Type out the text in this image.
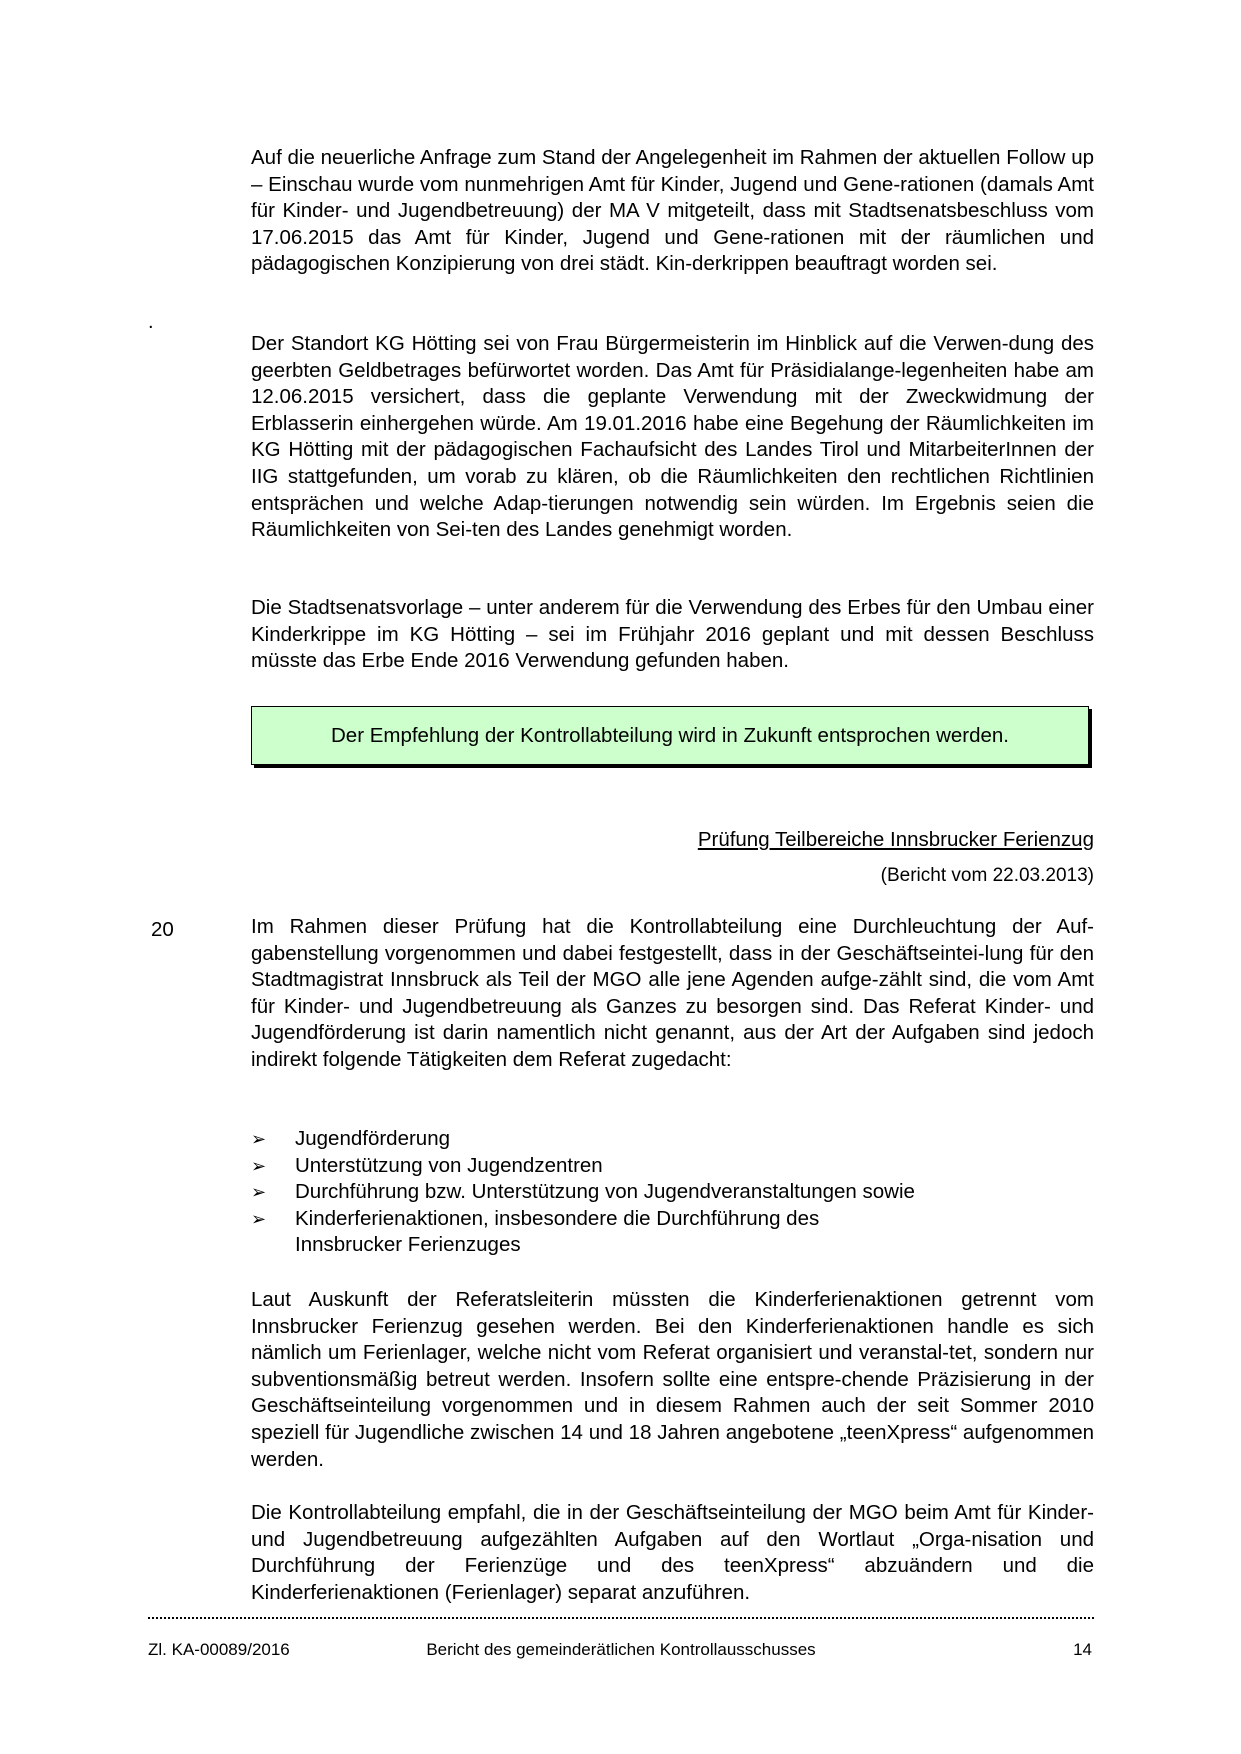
Auf die neuerliche Anfrage zum Stand der Angelegenheit im Rahmen der aktuellen Follow up – Einschau wurde vom nunmehrigen Amt für Kinder, Jugend und Gene-rationen (damals Amt für Kinder- und Jugendbetreuung) der MA V mitgeteilt, dass mit Stadtsenatsbeschluss vom 17.06.2015 das Amt für Kinder, Jugend und Gene-rationen mit der räumlichen und pädagogischen Konzipierung von drei städt. Kin-derkrippen beauftragt worden sei.

.

Der Standort KG Hötting sei von Frau Bürgermeisterin im Hinblick auf die Verwen-dung des geerbten Geldbetrages befürwortet worden. Das Amt für Präsidialange-legenheiten habe am 12.06.2015 versichert, dass die geplante Verwendung mit der Zweckwidmung der Erblasserin einhergehen würde. Am 19.01.2016 habe eine Begehung der Räumlichkeiten im KG Hötting mit der pädagogischen Fachaufsicht des Landes Tirol und MitarbeiterInnen der IIG stattgefunden, um vorab zu klären, ob die Räumlichkeiten den rechtlichen Richtlinien entsprächen und welche Adap-tierungen notwendig sein würden. Im Ergebnis seien die Räumlichkeiten von Sei-ten des Landes genehmigt worden.

Die Stadtsenatsvorlage – unter anderem für die Verwendung des Erbes für den Umbau einer Kinderkrippe im KG Hötting – sei im Frühjahr 2016 geplant und mit dessen Beschluss müsste das Erbe Ende 2016 Verwendung gefunden haben.

Der Empfehlung der Kontrollabteilung wird in Zukunft entsprochen werden.
Prüfung Teilbereiche Innsbrucker Ferienzug
(Bericht vom 22.03.2013)
20	Im Rahmen dieser Prüfung hat die Kontrollabteilung eine Durchleuchtung der Auf-gabenstellung vorgenommen und dabei festgestellt, dass in der Geschäftseintei-lung für den Stadtmagistrat Innsbruck als Teil der MGO alle jene Agenden aufge-zählt sind, die vom Amt für Kinder- und Jugendbetreuung als Ganzes zu besorgen sind. Das Referat Kinder- und Jugendförderung ist darin namentlich nicht genannt, aus der Art der Aufgaben sind jedoch indirekt folgende Tätigkeiten dem Referat zugedacht:

➢	Jugendförderung
➢	Unterstützung von Jugendzentren
➢	Durchführung bzw. Unterstützung von Jugendveranstaltungen sowie
➢	Kinderferienaktionen, insbesondere die Durchführung des
Innsbrucker Ferienzuges

Laut Auskunft der Referatsleiterin müssten die Kinderferienaktionen getrennt vom Innsbrucker Ferienzug gesehen werden. Bei den Kinderferienaktionen handle es sich nämlich um Ferienlager, welche nicht vom Referat organisiert und veranstal-tet, sondern nur subventionsmäßig betreut werden. Insofern sollte eine entspre-chende Präzisierung in der Geschäftseinteilung vorgenommen und in diesem Rahmen auch der seit Sommer 2010 speziell für Jugendliche zwischen 14 und 18 Jahren angebotene „teenXpress“ aufgenommen werden.

Die Kontrollabteilung empfahl, die in der Geschäftseinteilung der MGO beim Amt für Kinder- und Jugendbetreuung aufgezählten Aufgaben auf den Wortlaut „Orga-nisation und Durchführung der Ferienzüge und des teenXpress“ abzuändern und die Kinderferienaktionen (Ferienlager) separat anzuführen.

Zl. KA-00089/2016	Bericht des gemeinderätlichen Kontrollausschusses	14
